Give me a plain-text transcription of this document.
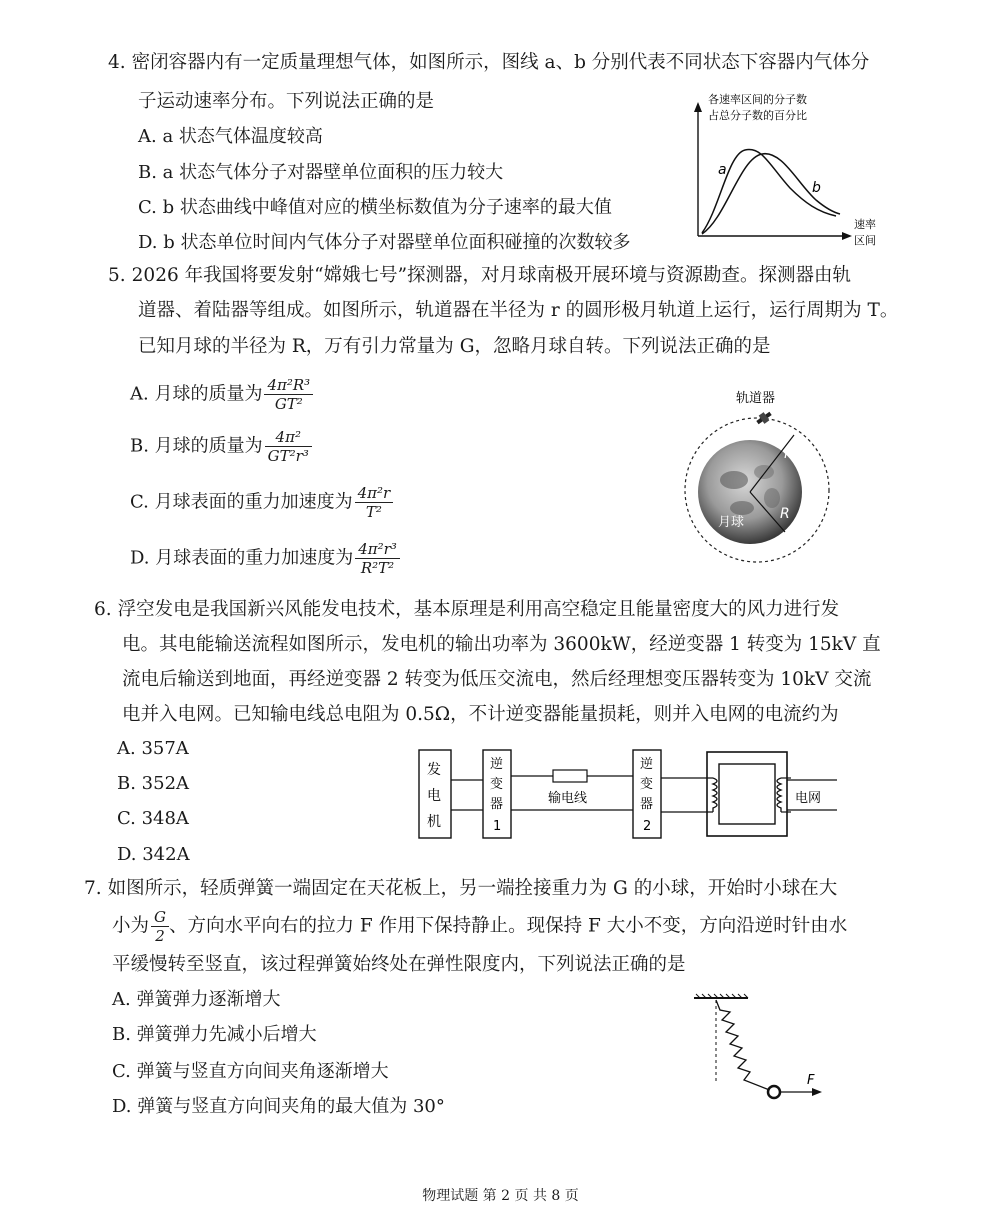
4. 密闭容器内有一定质量理想气体，如图所示，图线 a、b 分别代表不同状态下容器内气体分
子运动速率分布。下列说法正确的是
A. a 状态气体温度较高
B. a 状态气体分子对器壁单位面积的压力较大
C. b 状态曲线中峰值对应的横坐标数值为分子速率的最大值
D. b 状态单位时间内气体分子对器壁单位面积碰撞的次数较多
各速率区间的分子数
占总分子数的百分比
a
b
速率
区间
5. 2026 年我国将要发射“嫦娥七号”探测器，对月球南极开展环境与资源勘查。探测器由轨
道器、着陆器等组成。如图所示，轨道器在半径为 r 的圆形极月轨道上运行，运行周期为 T。
已知月球的半径为 R，万有引力常量为 G，忽略月球自转。下列说法正确的是
A. 月球的质量为 $\frac{\text{4π²R³}}{\text{GT²}}$
B. 月球的质量为 $\frac{\text{4π²}}{\text{GT²r³}}$
C. 月球表面的重力加速度为 $\frac{\text{4π²r}}{\text{T²}}$
D. 月球表面的重力加速度为 $\frac{\text{4π²r³}}{\text{R²T²}}$
轨道器
r
R
月球
6. 浮空发电是我国新兴风能发电技术，基本原理是利用高空稳定且能量密度大的风力进行发
电。其电能输送流程如图所示，发电机的输出功率为 3600kW，经逆变器 1 转变为 15kV 直
流电后输送到地面，再经逆变器 2 转变为低压交流电，然后经理想变压器转变为 10kV 交流
电并入电网。已知输电线总电阻为 0.5Ω，不计逆变器能量损耗，则并入电网的电流约为
A. 357A
B. 352A
C. 348A
D. 342A
发
电
机
逆
变
器
1
输电线
逆
变
器
2
电网
7. 如图所示，轻质弹簧一端固定在天花板上，另一端拴接重力为 G 的小球，开始时小球在大
小为 $\frac{G}{2}$ 、方向水平向右的拉力 F 作用下保持静止。现保持 F 大小不变，方向沿逆时针由水
平缓慢转至竖直，该过程弹簧始终处在弹性限度内，下列说法正确的是
A. 弹簧弹力逐渐增大
B. 弹簧弹力先减小后增大
C. 弹簧与竖直方向间夹角逐渐增大
D. 弹簧与竖直方向间夹角的最大值为 30°
F
物理试题 第 2 页 共 8 页
